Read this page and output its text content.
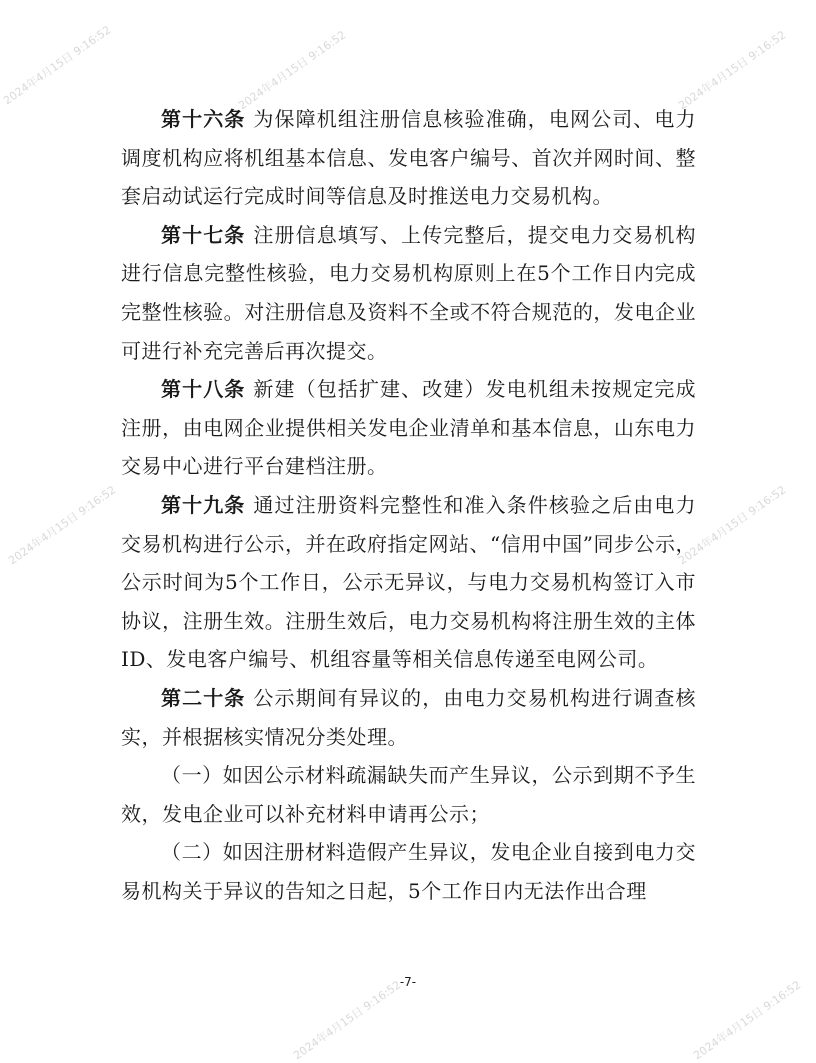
2024年4月15日 9:16:52	2024年4月15日 9:16:52	2024年4月15日 9:16:52
2024年4月15日 9:16:52	2024年4月15日 9:16:52
2024年4月15日 9:16:52	2024年4月15日 9:16:52

第十六条 为保障机组注册信息核验准确，电网公司、电力调度机构应将机组基本信息、发电客户编号、首次并网时间、整套启动试运行完成时间等信息及时推送电力交易机构。

第十七条 注册信息填写、上传完整后，提交电力交易机构进行信息完整性核验，电力交易机构原则上在5个工作日内完成完整性核验。对注册信息及资料不全或不符合规范的，发电企业可进行补充完善后再次提交。

第十八条 新建（包括扩建、改建）发电机组未按规定完成注册，由电网企业提供相关发电企业清单和基本信息，山东电力交易中心进行平台建档注册。

第十九条 通过注册资料完整性和准入条件核验之后由电力交易机构进行公示，并在政府指定网站、“信用中国”同步公示，公示时间为5个工作日，公示无异议，与电力交易机构签订入市协议，注册生效。注册生效后，电力交易机构将注册生效的主体ID、发电客户编号、机组容量等相关信息传递至电网公司。

第二十条 公示期间有异议的，由电力交易机构进行调查核实，并根据核实情况分类处理。

（一）如因公示材料疏漏缺失而产生异议，公示到期不予生效，发电企业可以补充材料申请再公示；

（二）如因注册材料造假产生异议，发电企业自接到电力交易机构关于异议的告知之日起，5个工作日内无法作出合理

-7-
